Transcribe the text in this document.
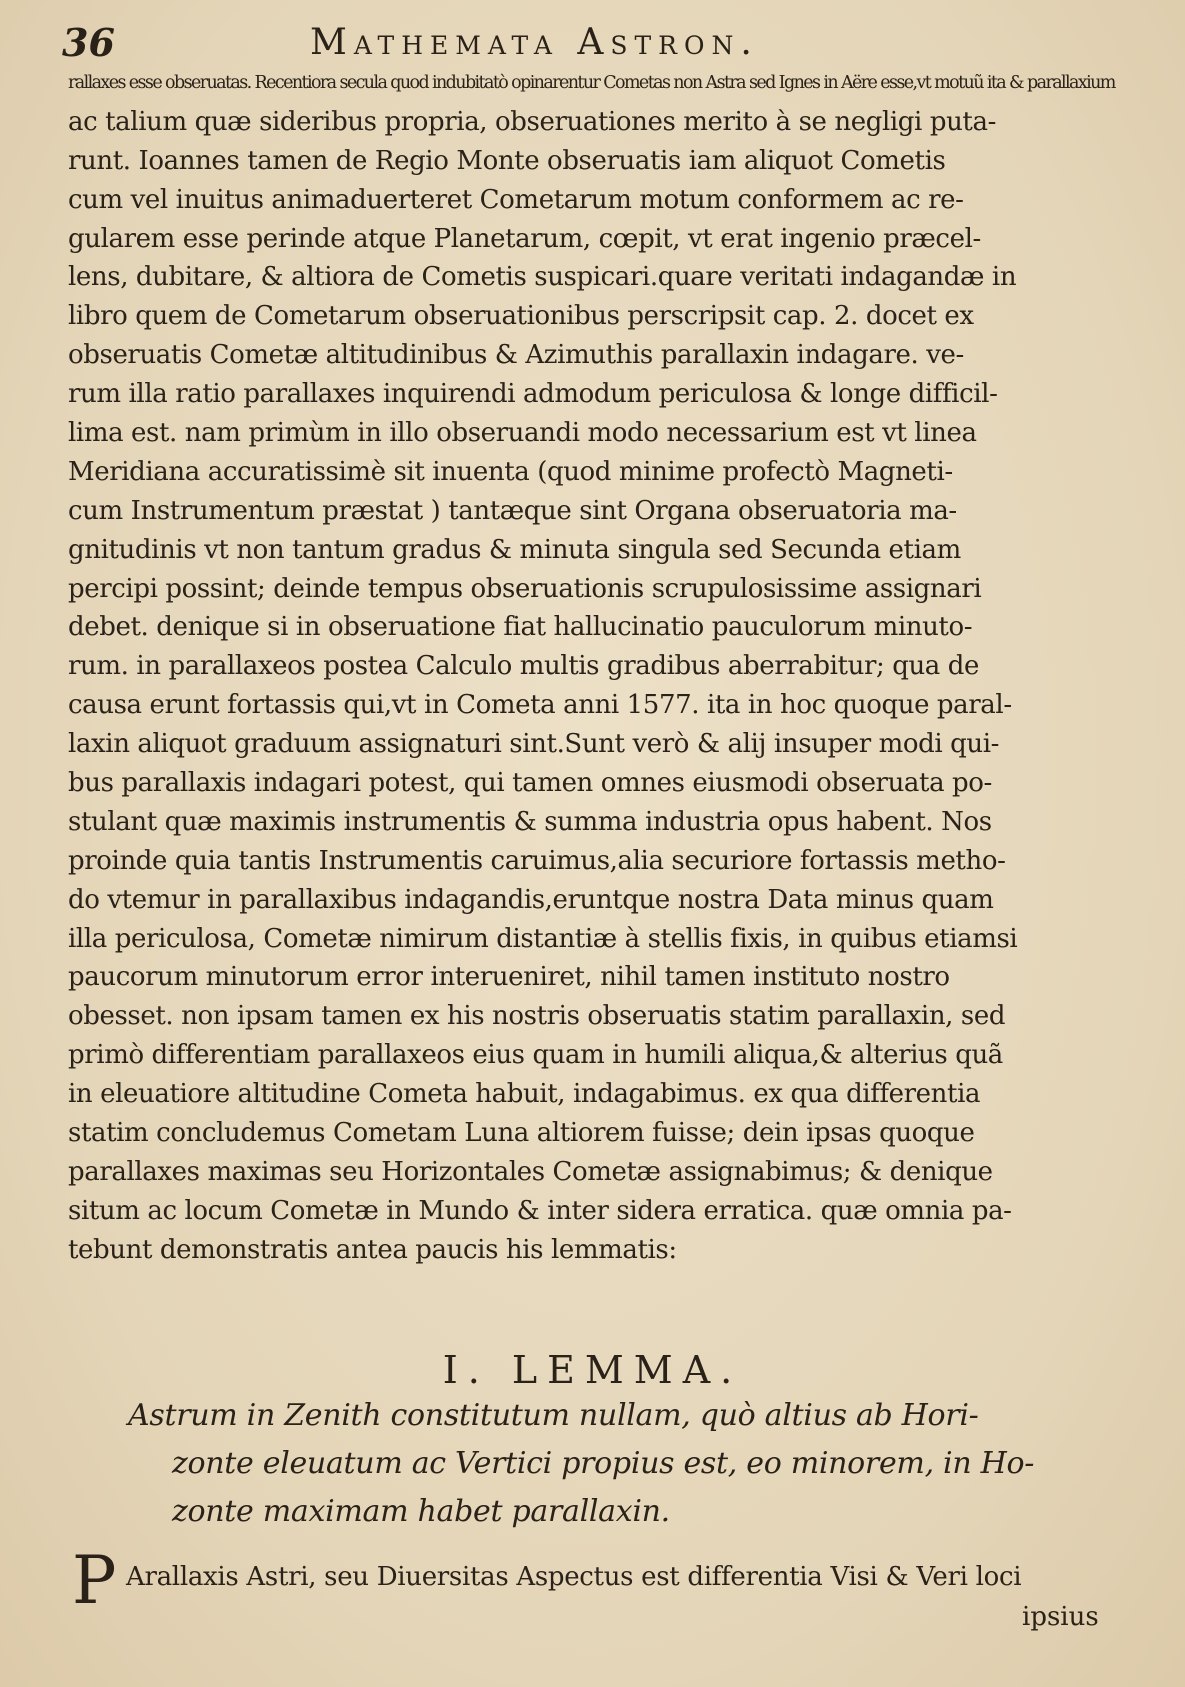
36	Mathemata Astron.
rallaxes esse obseruatas. Recentiora secula quod indubitatò opinarentur Cometas non Astra sed Ignes in Aëre esse,vt motuũ ita & parallaxium
ac talium quæ sideribus propria, obseruationes merito à se negligi puta-
runt. Ioannes tamen de Regio Monte obseruatis iam aliquot Cometis
cum vel inuitus animaduerteret Cometarum motum conformem ac re-
gularem esse perinde atque Planetarum, cœpit, vt erat ingenio præcel-
lens, dubitare, & altiora de Cometis suspicari.quare veritati indagandæ in
libro quem de Cometarum obseruationibus perscripsit cap. 2. docet ex
obseruatis Cometæ altitudinibus & Azimuthis parallaxin indagare. ve-
rum illa ratio parallaxes inquirendi admodum periculosa & longe difficil-
lima est. nam primùm in illo obseruandi modo necessarium est vt linea
Meridiana accuratissimè sit inuenta (quod minime profectò Magneti-
cum Instrumentum præstat ) tantæque sint Organa obseruatoria ma-
gnitudinis vt non tantum gradus & minuta singula sed Secunda etiam
percipi possint; deinde tempus obseruationis scrupulosissime assignari
debet. denique si in obseruatione fiat hallucinatio pauculorum minuto-
rum. in parallaxeos postea Calculo multis gradibus aberrabitur; qua de
causa erunt fortassis qui,vt in Cometa anni 1577. ita in hoc quoque paral-
laxin aliquot graduum assignaturi sint.Sunt verò & alij insuper modi qui-
bus parallaxis indagari potest, qui tamen omnes eiusmodi obseruata po-
stulant quæ maximis instrumentis & summa industria opus habent. Nos
proinde quia tantis Instrumentis caruimus,alia securiore fortassis metho-
do vtemur in parallaxibus indagandis,eruntque nostra Data minus quam
illa periculosa, Cometæ nimirum distantiæ à stellis fixis, in quibus etiamsi
paucorum minutorum error interueniret, nihil tamen instituto nostro
obesset. non ipsam tamen ex his nostris obseruatis statim parallaxin, sed
primò differentiam parallaxeos eius quam in humili aliqua,& alterius quã
in eleuatiore altitudine Cometa habuit, indagabimus. ex qua differentia
statim concludemus Cometam Luna altiorem fuisse; dein ipsas quoque
parallaxes maximas seu Horizontales Cometæ assignabimus; & denique
situm ac locum Cometæ in Mundo & inter sidera erratica. quæ omnia pa-
tebunt demonstratis antea paucis his lemmatis:
I. LEMMA.
Astrum in Zenith constitutum nullam, quò altius ab Hori-
zonte eleuatum ac Vertici propius est, eo minorem, in Ho-
zonte maximam habet parallaxin.
P Arallaxis Astri, seu Diuersitas Aspectus est differentia Visi & Veri loci
ipsius
